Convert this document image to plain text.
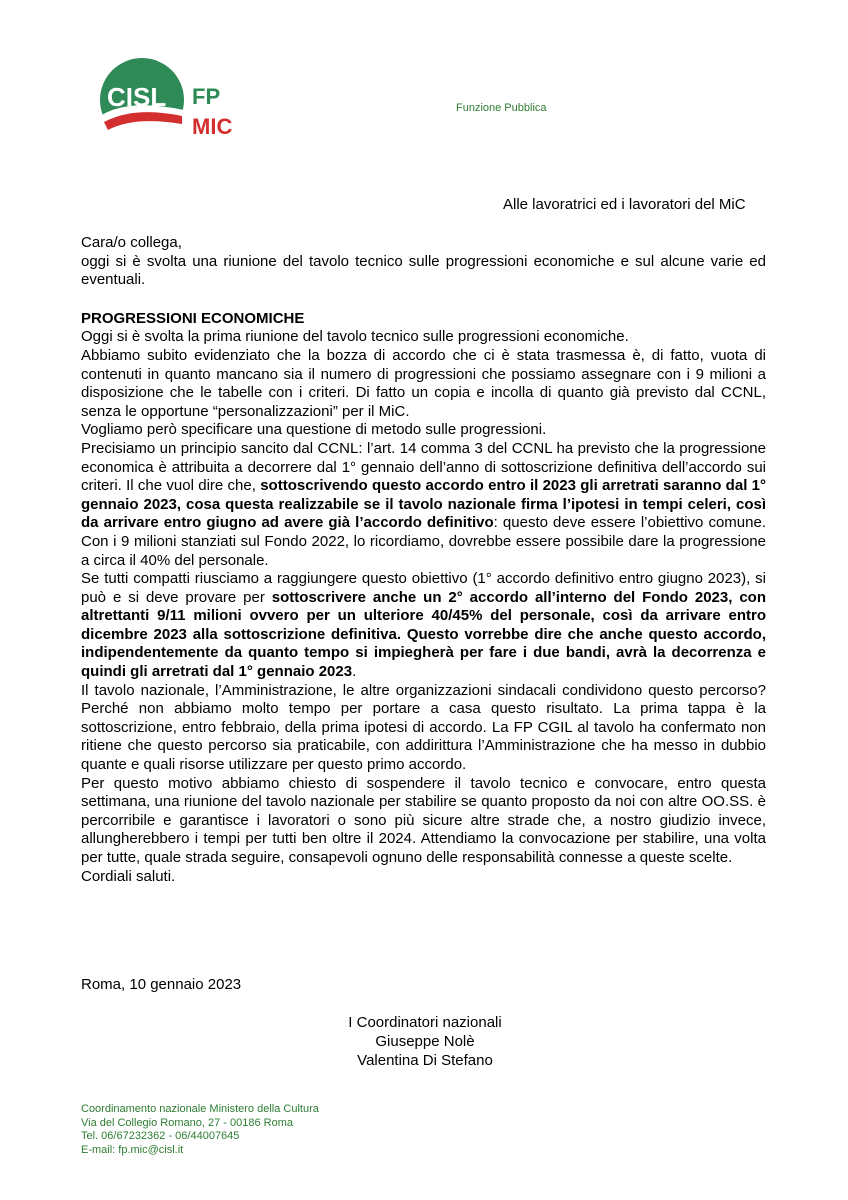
CISL FP
MIC
Funzione Pubblica
Alle lavoratrici ed i lavoratori del MiC

Cara/o collega,

oggi si è svolta una riunione del tavolo tecnico sulle progressioni economiche e sul alcune varie ed eventuali.

PROGRESSIONI ECONOMICHE

Oggi si è svolta la prima riunione del tavolo tecnico sulle progressioni economiche.

Abbiamo subito evidenziato che la bozza di accordo che ci è stata trasmessa è, di fatto, vuota di contenuti in quanto mancano sia il numero di progressioni che possiamo assegnare con i 9 milioni a disposizione che le tabelle con i criteri. Di fatto un copia e incolla di quanto già previsto dal CCNL, senza le opportune “personalizzazioni” per il MiC.

Vogliamo però specificare una questione di metodo sulle progressioni.

Precisiamo un principio sancito dal CCNL: l’art. 14 comma 3 del CCNL ha previsto che la progressione economica è attribuita a decorrere dal 1° gennaio dell’anno di sottoscrizione definitiva dell’accordo sui criteri. Il che vuol dire che, sottoscrivendo questo accordo entro il 2023 gli arretrati saranno dal 1° gennaio 2023, cosa questa realizzabile se il tavolo nazionale firma l’ipotesi in tempi celeri, così da arrivare entro giugno ad avere già l’accordo definitivo: questo deve essere l’obiettivo comune. Con i 9 milioni stanziati sul Fondo 2022, lo ricordiamo, dovrebbe essere possibile dare la progressione a circa il 40% del personale.

Se tutti compatti riusciamo a raggiungere questo obiettivo (1° accordo definitivo entro giugno 2023), si può e si deve provare per sottoscrivere anche un 2° accordo all’interno del Fondo 2023, con altrettanti 9/11 milioni ovvero per un ulteriore 40/45% del personale, così da arrivare entro dicembre 2023 alla sottoscrizione definitiva. Questo vorrebbe dire che anche questo accordo, indipendentemente da quanto tempo si impiegherà per fare i due bandi, avrà la decorrenza e quindi gli arretrati dal 1° gennaio 2023.

Il tavolo nazionale, l’Amministrazione, le altre organizzazioni sindacali condividono questo percorso? Perché non abbiamo molto tempo per portare a casa questo risultato. La prima tappa è la sottoscrizione, entro febbraio, della prima ipotesi di accordo. La FP CGIL al tavolo ha confermato non ritiene che questo percorso sia praticabile, con addirittura l’Amministrazione che ha messo in dubbio quante e quali risorse utilizzare per questo primo accordo.

Per questo motivo abbiamo chiesto di sospendere il tavolo tecnico e convocare, entro questa settimana, una riunione del tavolo nazionale per stabilire se quanto proposto da noi con altre OO.SS. è percorribile e garantisce i lavoratori o sono più sicure altre strade che, a nostro giudizio invece, allungherebbero i tempi per tutti ben oltre il 2024. Attendiamo la convocazione per stabilire, una volta per tutte, quale strada seguire, consapevoli ognuno delle responsabilità connesse a queste scelte.

Cordiali saluti.

Roma, 10 gennaio 2023
I Coordinatori nazionali
Giuseppe Nolè
Valentina Di Stefano
Coordinamento nazionale Ministero della Cultura
Via del Collegio Romano, 27 - 00186 Roma
Tel. 06/67232362 - 06/44007645
E-mail: fp.mic@cisl.it
